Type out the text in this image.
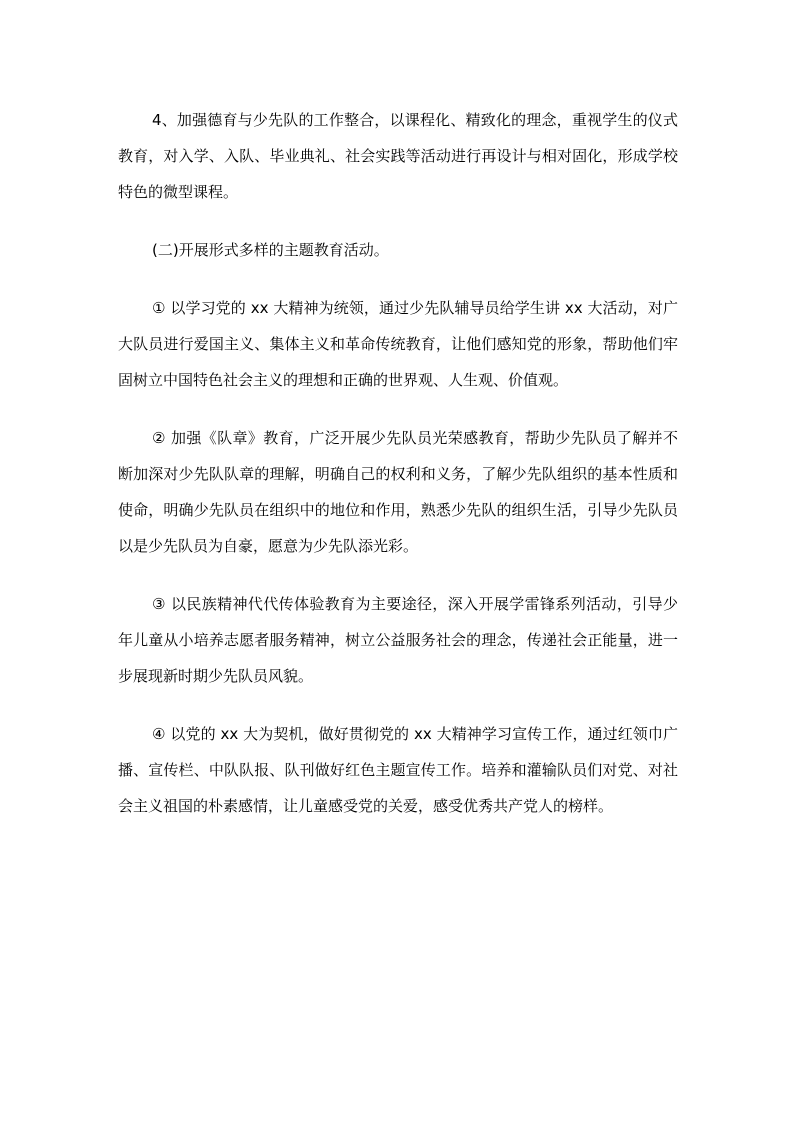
4、加强德育与少先队的工作整合，以课程化、精致化的理念，重视学生的仪式教育，对入学、入队、毕业典礼、社会实践等活动进行再设计与相对固化，形成学校特色的微型课程。

(二)开展形式多样的主题教育活动。

① 以学习党的 xx 大精神为统领，通过少先队辅导员给学生讲 xx 大活动，对广大队员进行爱国主义、集体主义和革命传统教育，让他们感知党的形象，帮助他们牢固树立中国特色社会主义的理想和正确的世界观、人生观、价值观。

② 加强《队章》教育，广泛开展少先队员光荣感教育，帮助少先队员了解并不断加深对少先队队章的理解，明确自己的权利和义务，了解少先队组织的基本性质和使命，明确少先队员在组织中的地位和作用，熟悉少先队的组织生活，引导少先队员以是少先队员为自豪，愿意为少先队添光彩。

③ 以民族精神代代传体验教育为主要途径，深入开展学雷锋系列活动，引导少年儿童从小培养志愿者服务精神，树立公益服务社会的理念，传递社会正能量，进一步展现新时期少先队员风貌。

④ 以党的 xx 大为契机，做好贯彻党的 xx 大精神学习宣传工作，通过红领巾广播、宣传栏、中队队报、队刊做好红色主题宣传工作。培养和灌输队员们对党、对社会主义祖国的朴素感情，让儿童感受党的关爱，感受优秀共产党人的榜样。
